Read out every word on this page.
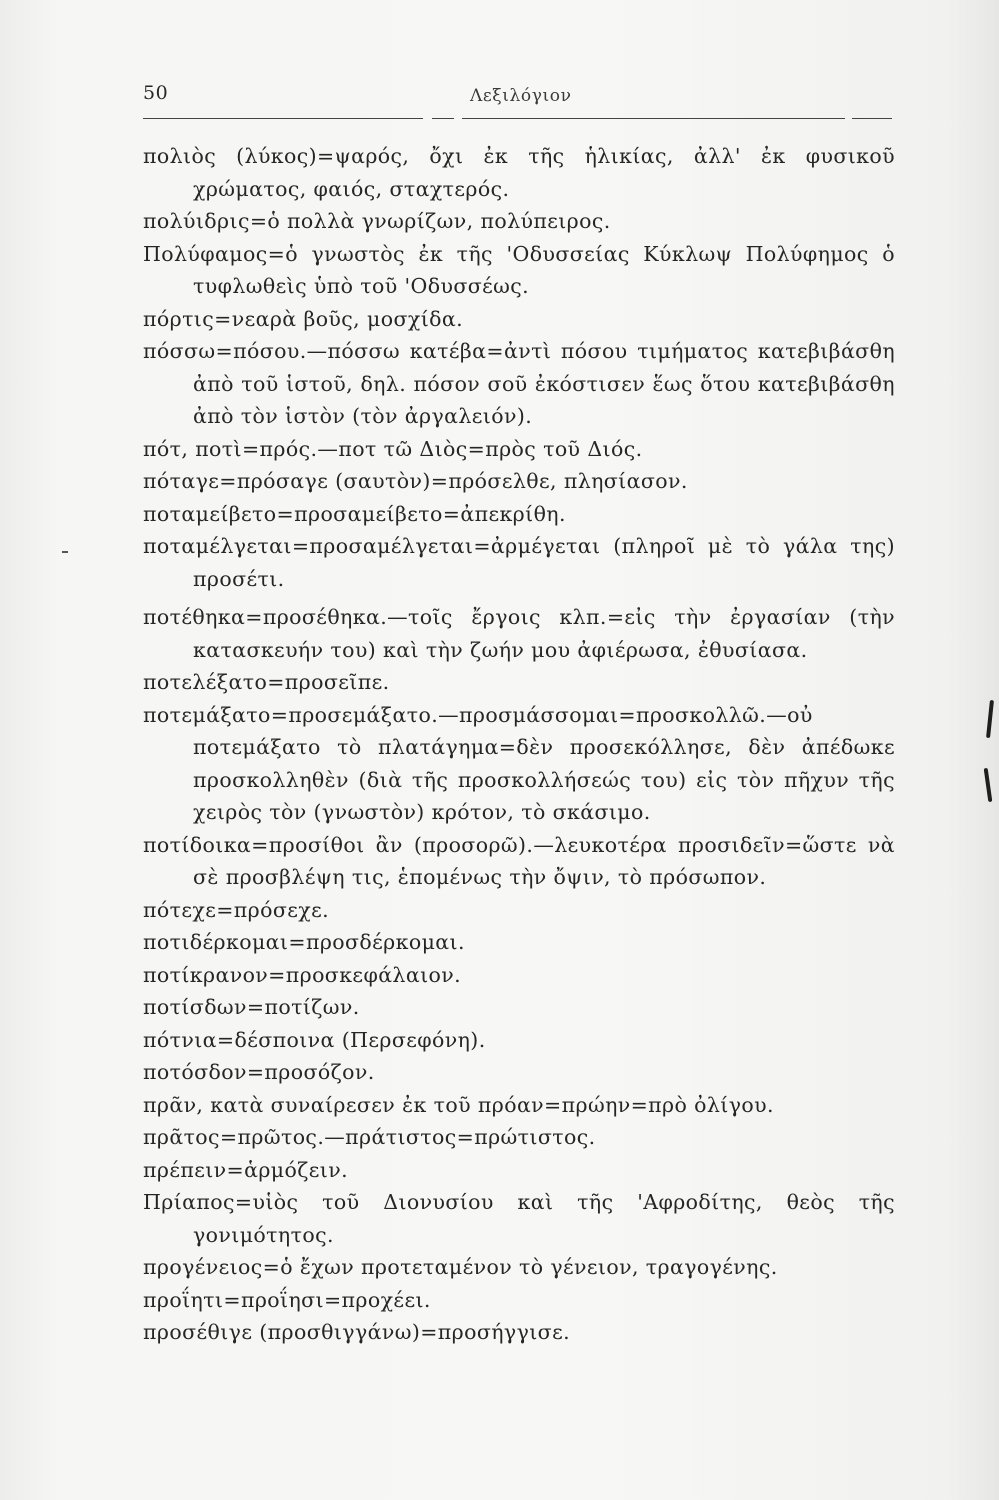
50	Λεξιλόγιον
πολιὸς (λύκος)=ψαρός, ὄχι ἐκ τῆς ἡλικίας, ἀλλ' ἐκ φυσικοῦ χρώματος, φαιός, σταχτερός.
πολύιδρις=ὁ πολλὰ γνωρίζων, πολύπειρος.
Πολύφαμος=ὁ γνωστὸς ἐκ τῆς 'Οδυσσείας Κύκλωψ Πολύφημος ὁ τυφλωθεὶς ὑπὸ τοῦ 'Οδυσσέως.
πόρτις=νεαρὰ βοῦς, μοσχίδα.
πόσσω=πόσου.—πόσσω κατέβα=ἀντὶ πόσου τιμήματος κατεβιβάσθη ἀπὸ τοῦ ἱστοῦ, δηλ. πόσον σοῦ ἐκόστισεν ἕως ὅτου κατεβιβάσθη ἀπὸ τὸν ἱστὸν (τὸν ἀργαλειόν).
πότ, ποτὶ=πρός.—ποτ τῶ Διὸς=πρὸς τοῦ Διός.
πόταγε=πρόσαγε (σαυτὸν)=πρόσελθε, πλησίασον.
ποταμείβετο=προσαμείβετο=ἀπεκρίθη.
ποταμέλγεται=προσαμέλγεται=ἀρμέγεται (πληροῖ μὲ τὸ γάλα της) προσέτι.
ποτέθηκα=προσέθηκα.—τοῖς ἔργοις κλπ.=εἰς τὴν ἐργασίαν (τὴν κατασκευήν του) καὶ τὴν ζωήν μου ἀφιέρωσα, ἐθυσίασα.
ποτελέξατο=προσεῖπε.
ποτεμάξατο=προσεμάξατο.—προσμάσσομαι=προσκολλῶ.—οὐ ποτεμάξατο τὸ πλατάγημα=δὲν προσεκόλλησε, δὲν ἀπέδωκε προσκολληθὲν (διὰ τῆς προσκολλήσεώς του) εἰς τὸν πῆχυν τῆς χειρὸς τὸν (γνωστὸν) κρότον, τὸ σκάσιμο.
ποτίδοικα=προσίθοι ἂν (προσορῶ).—λευκοτέρα προσιδεῖν=ὥστε νὰ σὲ προσβλέψη τις, ἑπομένως τὴν ὄψιν, τὸ πρόσωπον.
πότεχε=πρόσεχε.
ποτιδέρκομαι=προσδέρκομαι.
ποτίκρανον=προσκεφάλαιον.
ποτίσδων=ποτίζων.
πότνια=δέσποινα (Περσεφόνη).
ποτόσδον=προσόζον.
πρᾶν, κατὰ συναίρεσεν ἐκ τοῦ πρόαν=πρώην=πρὸ ὀλίγου.
πρᾶτος=πρῶτος.—πράτιστος=πρώτιστος.
πρέπειν=ἁρμόζειν.
Πρίαπος=υἱὸς τοῦ Διονυσίου καὶ τῆς 'Αφροδίτης, θεὸς τῆς γονιμότητος.
προγένειος=ὁ ἔχων προτεταμένον τὸ γένειον, τραγογένης.
προΐητι=προΐησι=προχέει.
προσέθιγε (προσθιγγάνω)=προσήγγισε.
